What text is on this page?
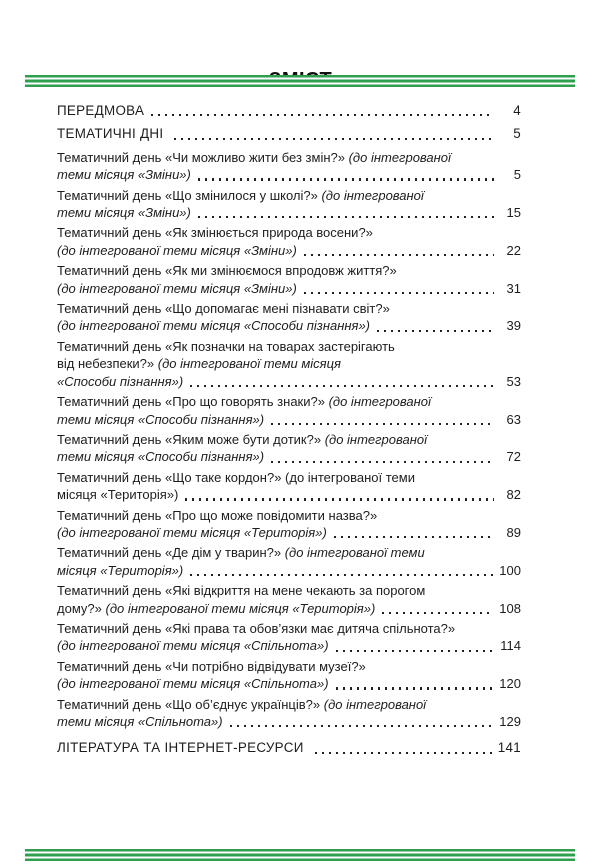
ПЕРЕДМОВА	4
ТЕМАТИЧНІ ДНІ	5
Тематичний день «Чи можливо жити без змін?» (до інтегрованої
теми місяця «Зміни»)	5
Тематичний день «Що змінилося у школі?» (до інтегрованої
теми місяця «Зміни»)	15
Тематичний день «Як змінюється природа восени?»
(до інтегрованої теми місяця «Зміни»)	22
Тематичний день «Як ми змінюємося впродовж життя?»
(до інтегрованої теми місяця «Зміни»)	31
Тематичний день «Що допомагає мені пізнавати світ?»
(до інтегрованої теми місяця «Способи пізнання»)	39
Тематичний день «Як позначки на товарах застерігають
від небезпеки?» (до інтегрованої теми місяця
«Способи пізнання»)	53
Тематичний день «Про що говорять знаки?» (до інтегрованої
теми місяця «Способи пізнання»)	63
Тематичний день «Яким може бути дотик?» (до інтегрованої
теми місяця «Способи пізнання»)	72
Тематичний день «Що таке кордон?» (до інтегрованої теми
місяця «Територія»)	82
Тематичний день «Про що може повідомити назва?»
(до інтегрованої теми місяця «Територія»)	89
Тематичний день «Де дім у тварин?» (до інтегрованої теми
місяця «Територія»)	100
Тематичний день «Які відкриття на мене чекають за порогом
дому?» (до інтегрованої теми місяця «Територія»)	108
Тематичний день «Які права та обов’язки має дитяча спільнота?»
(до інтегрованої теми місяця «Спільнота»)	114
Тематичний день «Чи потрібно відвідувати музеї?»
(до інтегрованої теми місяця «Спільнота»)	120
Тематичний день «Що об’єднує українців?» (до інтегрованої
теми місяця «Спільнота»)	129
ЛІТЕРАТУРА ТА ІНТЕРНЕТ-РЕСУРСИ	141
